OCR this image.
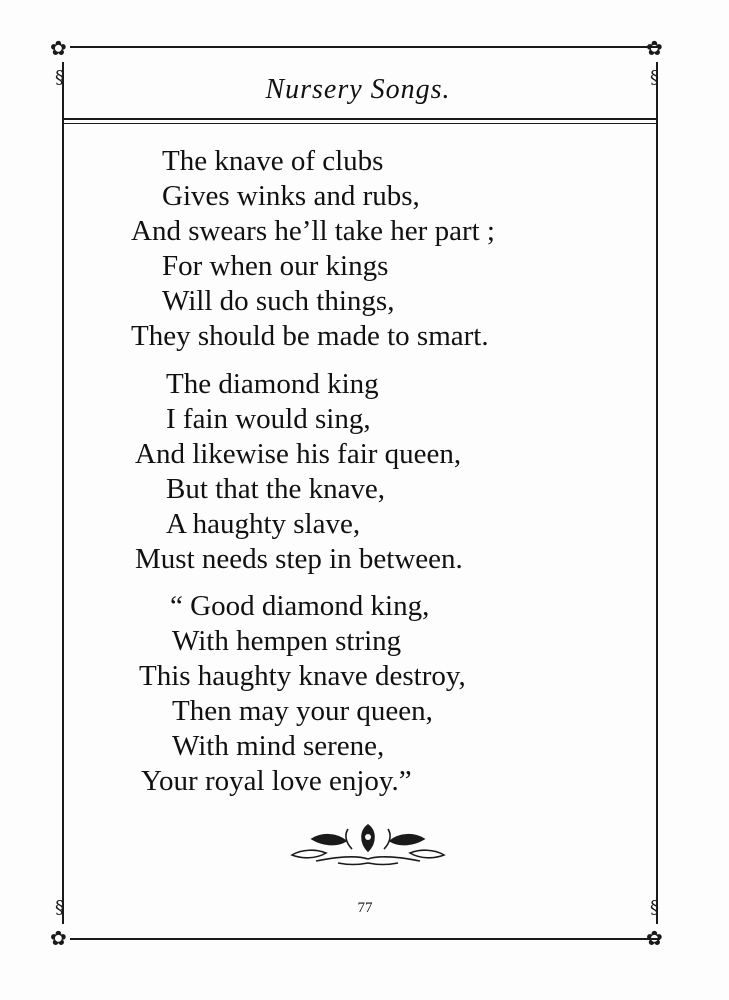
✿	✿
✿	✿
§	§
§	§
Nursery Songs.
The knave of clubs
Gives winks and rubs,
And swears he’ll take her part ;
For when our kings
Will do such things,
They should be made to smart.
The diamond king
I fain would sing,
And likewise his fair queen,
But that the knave,
A haughty slave,
Must needs step in between.
“ Good diamond king,
With hempen string
This haughty knave destroy,
Then may your queen,
With mind serene,
Your royal love enjoy.”
77
